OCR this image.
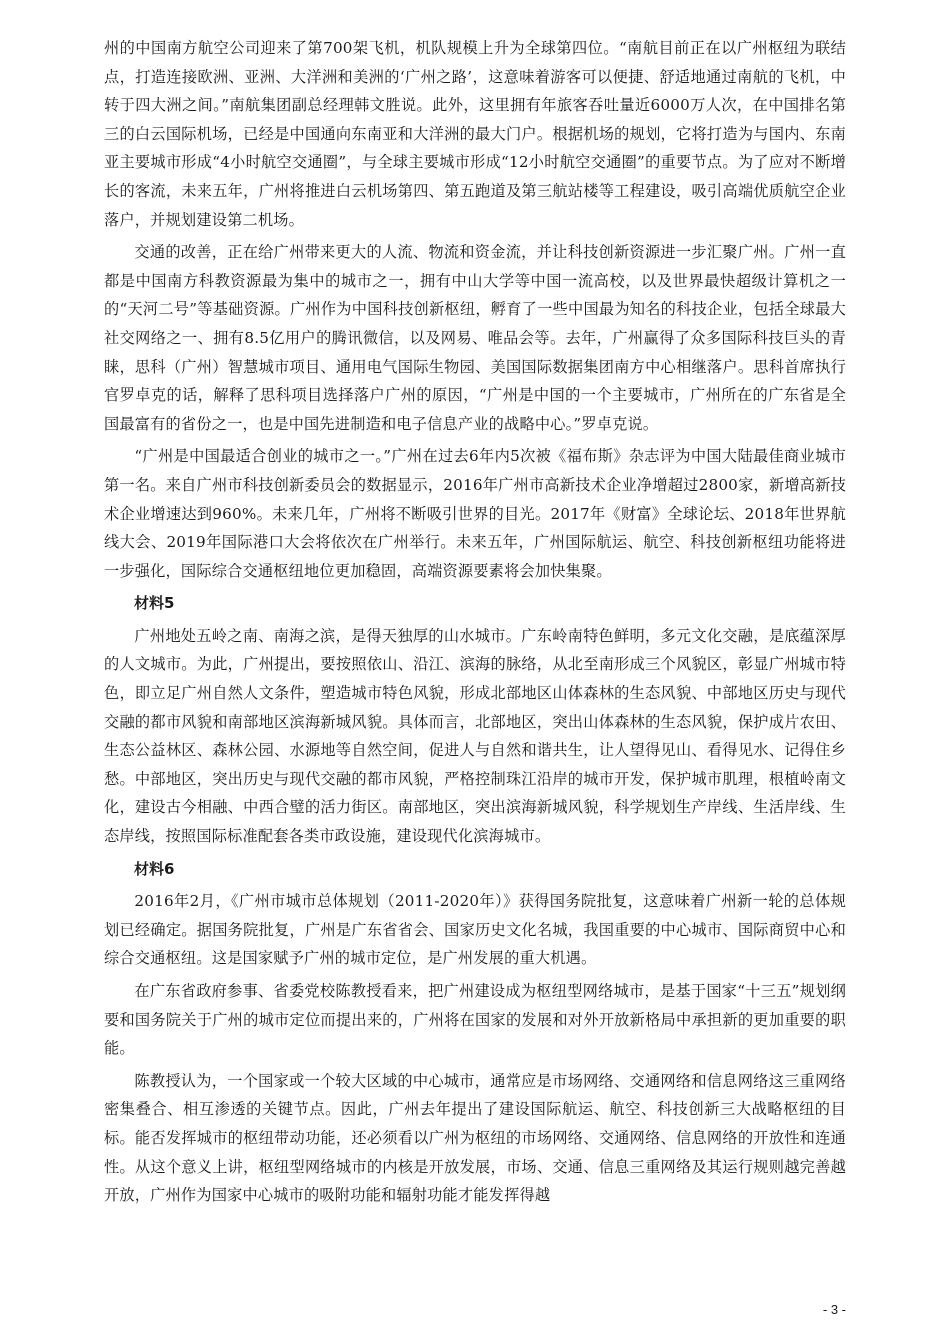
州的中国南方航空公司迎来了第700架飞机，机队规模上升为全球第四位。“南航目前正在以广州枢纽为联结点，打造连接欧洲、亚洲、大洋洲和美洲的‘广州之路’，这意味着游客可以便捷、舒适地通过南航的飞机，中转于四大洲之间。”南航集团副总经理韩文胜说。此外，这里拥有年旅客吞吐量近6000万人次，在中国排名第三的白云国际机场，已经是中国通向东南亚和大洋洲的最大门户。根据机场的规划，它将打造为与国内、东南亚主要城市形成“4小时航空交通圈”，与全球主要城市形成“12小时航空交通圈”的重要节点。为了应对不断增长的客流，未来五年，广州将推进白云机场第四、第五跑道及第三航站楼等工程建设，吸引高端优质航空企业落户，并规划建设第二机场。

交通的改善，正在给广州带来更大的人流、物流和资金流，并让科技创新资源进一步汇聚广州。广州一直都是中国南方科教资源最为集中的城市之一，拥有中山大学等中国一流高校，以及世界最快超级计算机之一的“天河二号”等基础资源。广州作为中国科技创新枢纽，孵育了一些中国最为知名的科技企业，包括全球最大社交网络之一、拥有8.5亿用户的腾讯微信，以及网易、唯品会等。去年，广州赢得了众多国际科技巨头的青睐，思科（广州）智慧城市项目、通用电气国际生物园、美国国际数据集团南方中心相继落户。思科首席执行官罗卓克的话，解释了思科项目选择落户广州的原因，“广州是中国的一个主要城市，广州所在的广东省是全国最富有的省份之一，也是中国先进制造和电子信息产业的战略中心。”罗卓克说。

“广州是中国最适合创业的城市之一。”广州在过去6年内5次被《福布斯》杂志评为中国大陆最佳商业城市第一名。来自广州市科技创新委员会的数据显示，2016年广州市高新技术企业净增超过2800家，新增高新技术企业增速达到960%。未来几年，广州将不断吸引世界的目光。2017年《财富》全球论坛、2018年世界航线大会、2019年国际港口大会将依次在广州举行。未来五年，广州国际航运、航空、科技创新枢纽功能将进一步强化，国际综合交通枢纽地位更加稳固，高端资源要素将会加快集聚。

材料5

广州地处五岭之南、南海之滨，是得天独厚的山水城市。广东岭南特色鲜明，多元文化交融，是底蕴深厚的人文城市。为此，广州提出，要按照依山、沿江、滨海的脉络，从北至南形成三个风貌区，彰显广州城市特色，即立足广州自然人文条件，塑造城市特色风貌，形成北部地区山体森林的生态风貌、中部地区历史与现代交融的都市风貌和南部地区滨海新城风貌。具体而言，北部地区，突出山体森林的生态风貌，保护成片农田、生态公益林区、森林公园、水源地等自然空间，促进人与自然和谐共生，让人望得见山、看得见水、记得住乡愁。中部地区，突出历史与现代交融的都市风貌，严格控制珠江沿岸的城市开发，保护城市肌理，根植岭南文化，建设古今相融、中西合璧的活力街区。南部地区，突出滨海新城风貌，科学规划生产岸线、生活岸线、生态岸线，按照国际标准配套各类市政设施，建设现代化滨海城市。

材料6

2016年2月，《广州市城市总体规划（2011-2020年）》获得国务院批复，这意味着广州新一轮的总体规划已经确定。据国务院批复，广州是广东省省会、国家历史文化名城，我国重要的中心城市、国际商贸中心和综合交通枢纽。这是国家赋予广州的城市定位，是广州发展的重大机遇。

在广东省政府参事、省委党校陈教授看来，把广州建设成为枢纽型网络城市，是基于国家“十三五”规划纲要和国务院关于广州的城市定位而提出来的，广州将在国家的发展和对外开放新格局中承担新的更加重要的职能。

陈教授认为，一个国家或一个较大区域的中心城市，通常应是市场网络、交通网络和信息网络这三重网络密集叠合、相互渗透的关键节点。因此，广州去年提出了建设国际航运、航空、科技创新三大战略枢纽的目标。能否发挥城市的枢纽带动功能，还必须看以广州为枢纽的市场网络、交通网络、信息网络的开放性和连通性。从这个意义上讲，枢纽型网络城市的内核是开放发展，市场、交通、信息三重网络及其运行规则越完善越开放，广州作为国家中心城市的吸附功能和辐射功能才能发挥得越

- 3 -
